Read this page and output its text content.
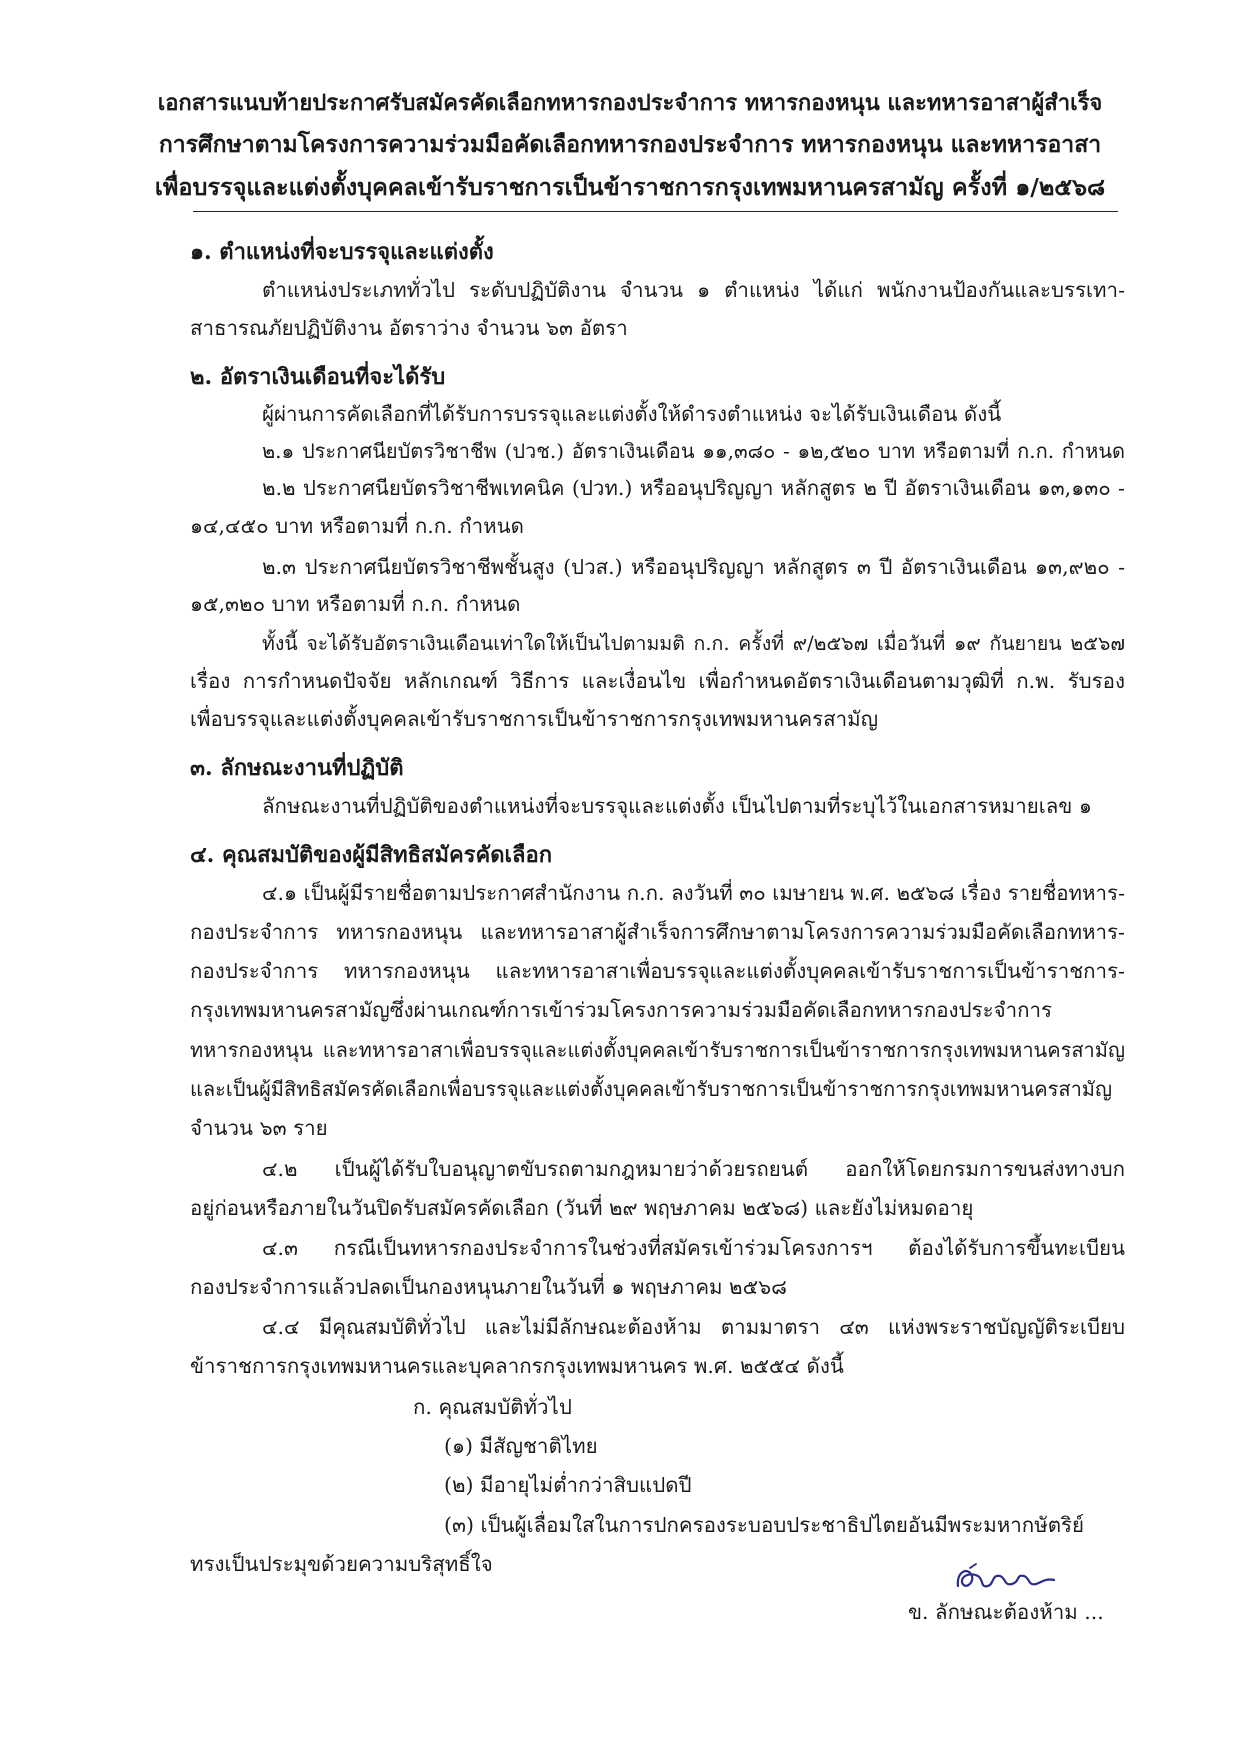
เอกสารแนบท้ายประกาศรับสมัครคัดเลือกทหารกองประจำการ ทหารกองหนุน และทหารอาสาผู้สำเร็จ
การศึกษาตามโครงการความร่วมมือคัดเลือกทหารกองประจำการ ทหารกองหนุน และทหารอาสา
เพื่อบรรจุและแต่งตั้งบุคคลเข้ารับราชการเป็นข้าราชการกรุงเทพมหานครสามัญ ครั้งที่ ๑/๒๕๖๘
๑. ตำแหน่งที่จะบรรจุและแต่งตั้ง
ตำแหน่งประเภททั่วไป ระดับปฏิบัติงาน จำนวน ๑ ตำแหน่ง ได้แก่ พนักงานป้องกันและบรรเทา-
สาธารณภัยปฏิบัติงาน อัตราว่าง จำนวน ๖๓ อัตรา
๒. อัตราเงินเดือนที่จะได้รับ
ผู้ผ่านการคัดเลือกที่ได้รับการบรรจุและแต่งตั้งให้ดำรงตำแหน่ง จะได้รับเงินเดือน ดังนี้
๒.๑ ประกาศนียบัตรวิชาชีพ (ปวช.) อัตราเงินเดือน ๑๑,๓๘๐ - ๑๒,๕๒๐ บาท หรือตามที่ ก.ก. กำหนด
๒.๒ ประกาศนียบัตรวิชาชีพเทคนิค (ปวท.) หรืออนุปริญญา หลักสูตร ๒ ปี อัตราเงินเดือน ๑๓,๑๓๐ -
๑๔,๔๕๐ บาท หรือตามที่ ก.ก. กำหนด
๒.๓ ประกาศนียบัตรวิชาชีพชั้นสูง (ปวส.) หรืออนุปริญญา หลักสูตร ๓ ปี อัตราเงินเดือน ๑๓,๙๒๐ -
๑๕,๓๒๐ บาท หรือตามที่ ก.ก. กำหนด
ทั้งนี้ จะได้รับอัตราเงินเดือนเท่าใดให้เป็นไปตามมติ ก.ก. ครั้งที่ ๙/๒๕๖๗ เมื่อวันที่ ๑๙ กันยายน ๒๕๖๗
เรื่อง การกำหนดปัจจัย หลักเกณฑ์ วิธีการ และเงื่อนไข เพื่อกำหนดอัตราเงินเดือนตามวุฒิที่ ก.พ. รับรอง
เพื่อบรรจุและแต่งตั้งบุคคลเข้ารับราชการเป็นข้าราชการกรุงเทพมหานครสามัญ
๓. ลักษณะงานที่ปฏิบัติ
ลักษณะงานที่ปฏิบัติของตำแหน่งที่จะบรรจุและแต่งตั้ง เป็นไปตามที่ระบุไว้ในเอกสารหมายเลข ๑
๔. คุณสมบัติของผู้มีสิทธิสมัครคัดเลือก
๔.๑ เป็นผู้มีรายชื่อตามประกาศสำนักงาน ก.ก. ลงวันที่ ๓๐ เมษายน พ.ศ. ๒๕๖๘ เรื่อง รายชื่อทหาร-
กองประจำการ ทหารกองหนุน และทหารอาสาผู้สำเร็จการศึกษาตามโครงการความร่วมมือคัดเลือกทหาร-
กองประจำการ ทหารกองหนุน และทหารอาสาเพื่อบรรจุและแต่งตั้งบุคคลเข้ารับราชการเป็นข้าราชการ-
กรุงเทพมหานครสามัญซึ่งผ่านเกณฑ์การเข้าร่วมโครงการความร่วมมือคัดเลือกทหารกองประจำการ
ทหารกองหนุน และทหารอาสาเพื่อบรรจุและแต่งตั้งบุคคลเข้ารับราชการเป็นข้าราชการกรุงเทพมหานครสามัญ
และเป็นผู้มีสิทธิสมัครคัดเลือกเพื่อบรรจุและแต่งตั้งบุคคลเข้ารับราชการเป็นข้าราชการกรุงเทพมหานครสามัญ
จำนวน ๖๓ ราย
๔.๒ เป็นผู้ได้รับใบอนุญาตขับรถตามกฎหมายว่าด้วยรถยนต์ ออกให้โดยกรมการขนส่งทางบก
อยู่ก่อนหรือภายในวันปิดรับสมัครคัดเลือก (วันที่ ๒๙ พฤษภาคม ๒๕๖๘) และยังไม่หมดอายุ
๔.๓ กรณีเป็นทหารกองประจำการในช่วงที่สมัครเข้าร่วมโครงการฯ ต้องได้รับการขึ้นทะเบียน
กองประจำการแล้วปลดเป็นกองหนุนภายในวันที่ ๑ พฤษภาคม ๒๕๖๘
๔.๔ มีคุณสมบัติทั่วไป และไม่มีลักษณะต้องห้าม ตามมาตรา ๔๓ แห่งพระราชบัญญัติระเบียบ
ข้าราชการกรุงเทพมหานครและบุคลากรกรุงเทพมหานคร พ.ศ. ๒๕๕๔ ดังนี้
ก. คุณสมบัติทั่วไป
(๑) มีสัญชาติไทย
(๒) มีอายุไม่ต่ำกว่าสิบแปดปี
(๓) เป็นผู้เลื่อมใสในการปกครองระบอบประชาธิปไตยอันมีพระมหากษัตริย์
ทรงเป็นประมุขด้วยความบริสุทธิ์ใจ
ข. ลักษณะต้องห้าม ...
